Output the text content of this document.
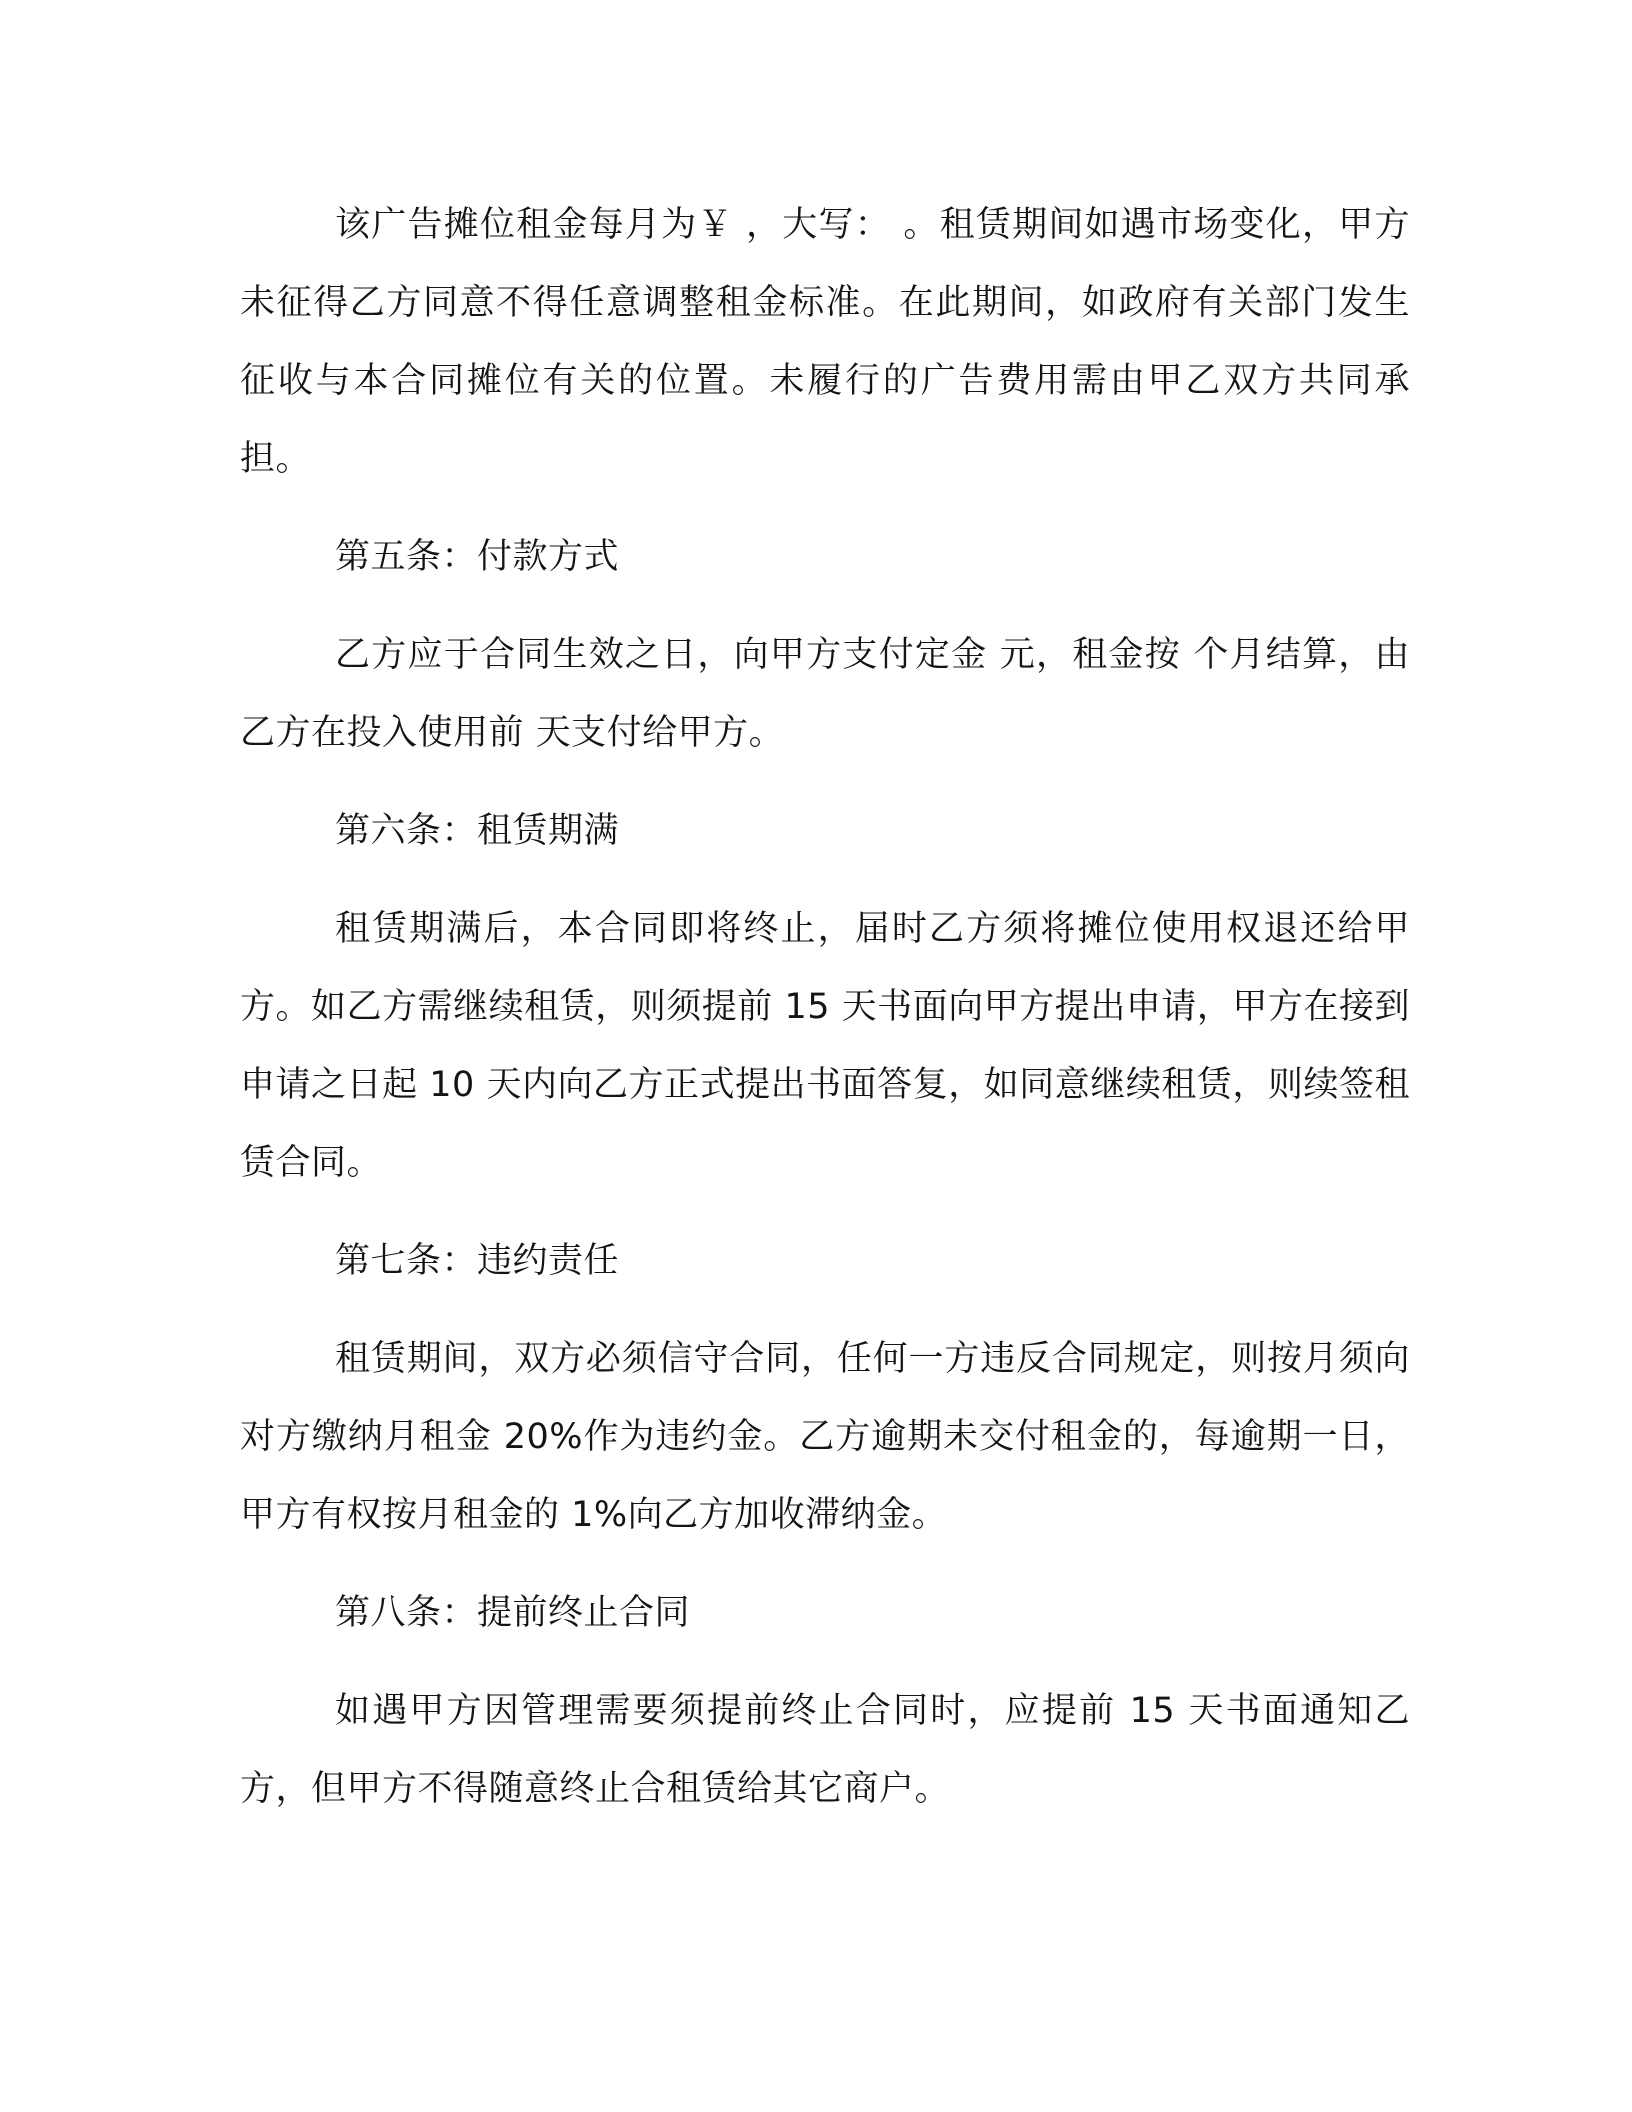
该广告摊位租金每月为￥ ，大写： 。租赁期间如遇市场变化，甲方未征得乙方同意不得任意调整租金标准。在此期间，如政府有关部门发生征收与本合同摊位有关的位置。未履行的广告费用需由甲乙双方共同承担。

第五条：付款方式

乙方应于合同生效之日，向甲方支付定金 元，租金按 个月结算，由乙方在投入使用前 天支付给甲方。

第六条：租赁期满

租赁期满后，本合同即将终止，届时乙方须将摊位使用权退还给甲方。如乙方需继续租赁，则须提前 15 天书面向甲方提出申请，甲方在接到申请之日起 10 天内向乙方正式提出书面答复，如同意继续租赁，则续签租赁合同。

第七条：违约责任

租赁期间，双方必须信守合同，任何一方违反合同规定，则按月须向对方缴纳月租金 20%作为违约金。乙方逾期未交付租金的，每逾期一日，甲方有权按月租金的 1%向乙方加收滞纳金。

第八条：提前终止合同

如遇甲方因管理需要须提前终止合同时，应提前 15 天书面通知乙方，但甲方不得随意终止合租赁给其它商户。
